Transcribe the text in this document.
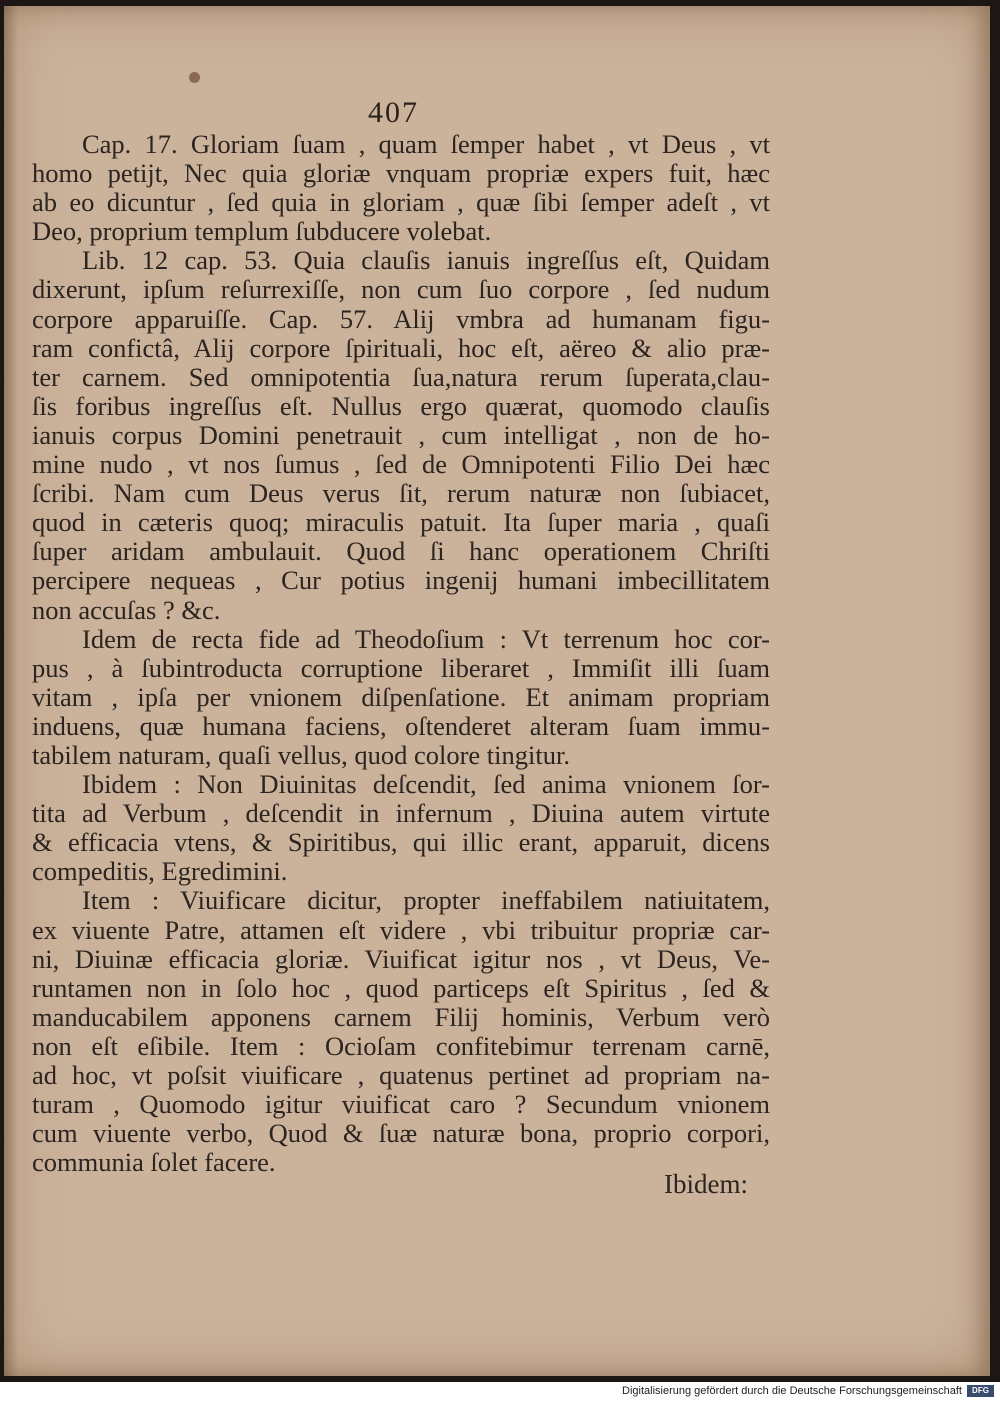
407
Cap. 17. Gloriam ſuam , quam ſemper habet , vt Deus , vt
homo petijt, Nec quia gloriæ vnquam propriæ expers fuit, hæc
ab eo dicuntur , ſed quia in gloriam , quæ ſibi ſemper adeſt , vt
Deo, proprium templum ſubducere volebat.
Lib. 12 cap. 53. Quia clauſis ianuis ingreſſus eſt, Quidam
dixerunt, ipſum reſurrexiſſe, non cum ſuo corpore , ſed nudum
corpore apparuiſſe. Cap. 57. Alij vmbra ad humanam figu-
ram confictâ, Alij corpore ſpirituali, hoc eſt, aëreo & alio præ-
ter carnem. Sed omnipotentia ſua,natura rerum ſuperata,clau-
ſis foribus ingreſſus eſt. Nullus ergo quærat, quomodo clauſis
ianuis corpus Domini penetrauit , cum intelligat , non de ho-
mine nudo , vt nos ſumus , ſed de Omnipotenti Filio Dei hæc
ſcribi. Nam cum Deus verus ſit, rerum naturæ non ſubiacet,
quod in cæteris quoq; miraculis patuit. Ita ſuper maria , quaſi
ſuper aridam ambulauit. Quod ſi hanc operationem Chriſti
percipere nequeas , Cur potius ingenij humani imbecillitatem
non accuſas ? &c.
Idem de recta fide ad Theodoſium : Vt terrenum hoc cor-
pus , à ſubintroducta corruptione liberaret , Immiſit illi ſuam
vitam , ipſa per vnionem diſpenſatione. Et animam propriam
induens, quæ humana faciens, oſtenderet alteram ſuam immu-
tabilem naturam, quaſi vellus, quod colore tingitur.
Ibidem : Non Diuinitas deſcendit, ſed anima vnionem ſor-
tita ad Verbum , deſcendit in infernum , Diuina autem virtute
& efficacia vtens, & Spiritibus, qui illic erant, apparuit, dicens
compeditis, Egredimini.
Item : Viuificare dicitur, propter ineffabilem natiuitatem,
ex viuente Patre, attamen eſt videre , vbi tribuitur propriæ car-
ni, Diuinæ efficacia gloriæ. Viuificat igitur nos , vt Deus, Ve-
runtamen non in ſolo hoc , quod particeps eſt Spiritus , ſed &
manducabilem apponens carnem Filij hominis, Verbum verò
non eſt eſibile. Item : Ocioſam confitebimur terrenam carnē,
ad hoc, vt poſsit viuificare , quatenus pertinet ad propriam na-
turam , Quomodo igitur viuificat caro ? Secundum vnionem
cum viuente verbo, Quod & ſuæ naturæ bona, proprio corpori,
communia ſolet facere.
Ibidem:
Digitalisierung gefördert durch die Deutsche Forschungsgemeinschaft	DFG
